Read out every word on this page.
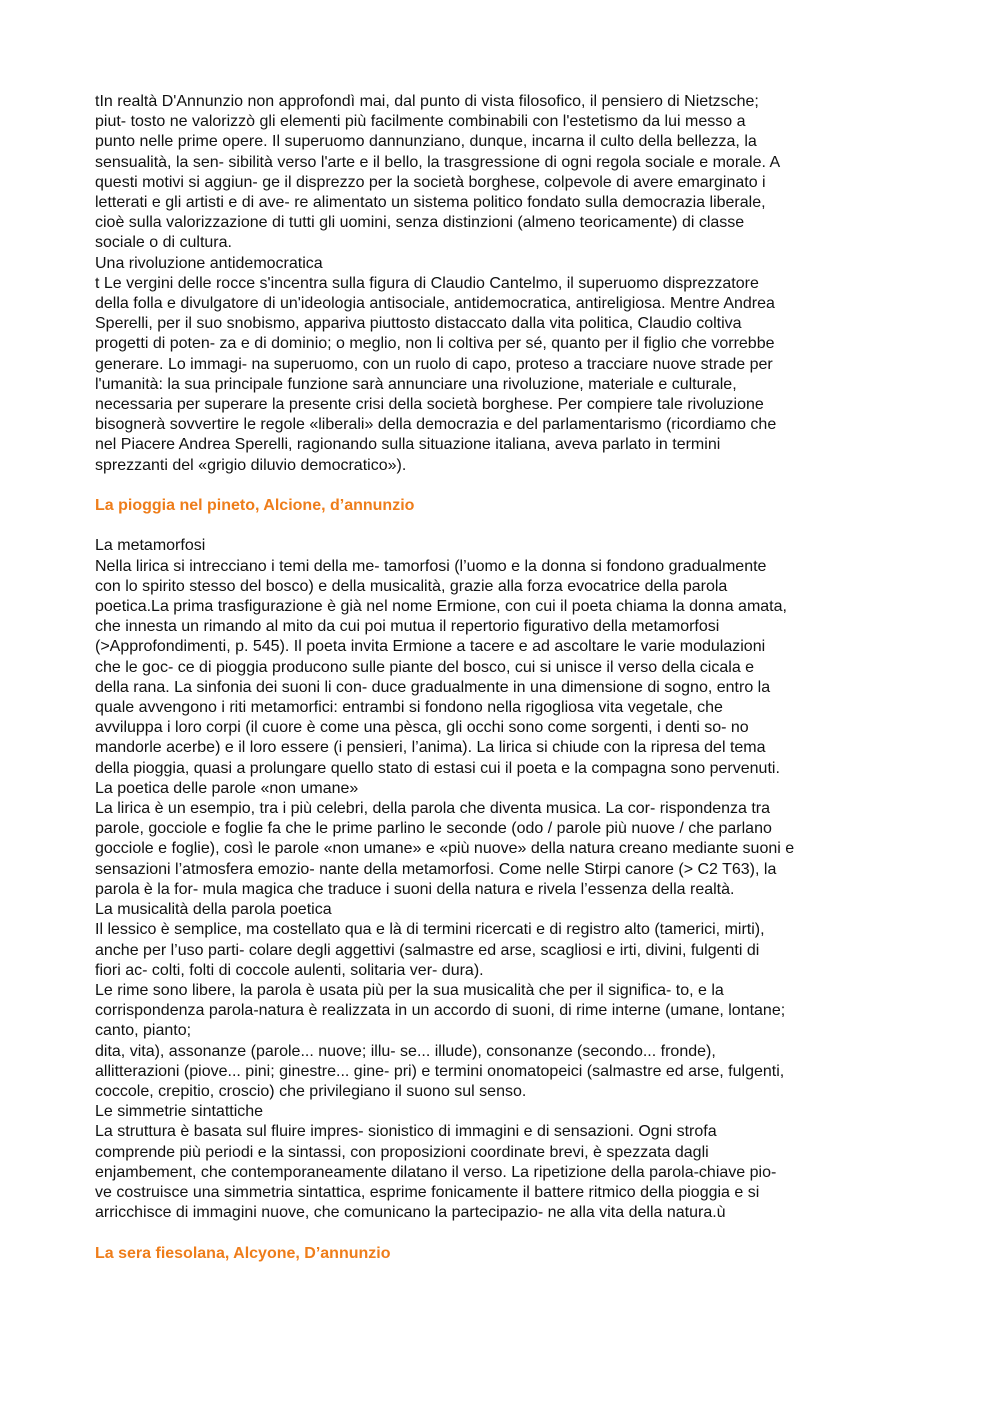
tIn realtà D'Annunzio non approfondì mai, dal punto di vista filosofico, il pensiero di Nietzsche;
piut- tosto ne valorizzò gli elementi più facilmente combinabili con l'estetismo da lui messo a
punto nelle prime opere. Il superuomo dannunziano, dunque, incarna il culto della bellezza, la
sensualità, la sen- sibilità verso l'arte e il bello, la trasgressione di ogni regola sociale e morale. A
questi motivi si aggiun- ge il disprezzo per la società borghese, colpevole di avere emarginato i
letterati e gli artisti e di ave- re alimentato un sistema politico fondato sulla democrazia liberale,
cioè sulla valorizzazione di tutti gli uomini, senza distinzioni (almeno teoricamente) di classe
sociale o di cultura.
Una rivoluzione antidemocratica
t Le vergini delle rocce s'incentra sulla figura di Claudio Cantelmo, il superuomo disprezzatore
della folla e divulgatore di un'ideologia antisociale, antidemocratica, antireligiosa. Mentre Andrea
Sperelli, per il suo snobismo, appariva piuttosto distaccato dalla vita politica, Claudio coltiva
progetti di poten- za e di dominio; o meglio, non li coltiva per sé, quanto per il figlio che vorrebbe
generare. Lo immagi- na superuomo, con un ruolo di capo, proteso a tracciare nuove strade per
l'umanità: la sua principale funzione sarà annunciare una rivoluzione, materiale e culturale,
necessaria per superare la presente crisi della società borghese. Per compiere tale rivoluzione
bisognerà sovvertire le regole «liberali» della democrazia e del parlamentarismo (ricordiamo che
nel Piacere Andrea Sperelli, ragionando sulla situazione italiana, aveva parlato in termini
sprezzanti del «grigio diluvio democratico»).
La pioggia nel pineto, Alcione, d’annunzio
La metamorfosi
Nella lirica si intrecciano i temi della me- tamorfosi (l’uomo e la donna si fondono gradualmente
con lo spirito stesso del bosco) e della musicalità, grazie alla forza evocatrice della parola
poetica.La prima trasfigurazione è già nel nome Ermione, con cui il poeta chiama la donna amata,
che innesta un rimando al mito da cui poi mutua il repertorio figurativo della metamorfosi
(>Approfondimenti, p. 545). Il poeta invita Ermione a tacere e ad ascoltare le varie modulazioni
che le goc- ce di pioggia producono sulle piante del bosco, cui si unisce il verso della cicala e
della rana. La sinfonia dei suoni li con- duce gradualmente in una dimensione di sogno, entro la
quale avvengono i riti metamorfici: entrambi si fondono nella rigogliosa vita vegetale, che
avviluppa i loro corpi (il cuore è come una pèsca, gli occhi sono come sorgenti, i denti so- no
mandorle acerbe) e il loro essere (i pensieri, l’anima). La lirica si chiude con la ripresa del tema
della pioggia, quasi a prolungare quello stato di estasi cui il poeta e la compagna sono pervenuti.
La poetica delle parole «non umane»
La lirica è un esempio, tra i più celebri, della parola che diventa musica. La cor- rispondenza tra
parole, gocciole e foglie fa che le prime parlino le seconde (odo / parole più nuove / che parlano
gocciole e foglie), così le parole «non umane» e «più nuove» della natura creano mediante suoni e
sensazioni l’atmosfera emozio- nante della metamorfosi. Come nelle Stirpi canore (> C2 T63), la
parola è la for- mula magica che traduce i suoni della natura e rivela l’essenza della realtà.
La musicalità della parola poetica
Il lessico è semplice, ma costellato qua e là di termini ricercati e di registro alto (tamerici, mirti),
anche per l’uso parti- colare degli aggettivi (salmastre ed arse, scagliosi e irti, divini, fulgenti di
fiori ac- colti, folti di coccole aulenti, solitaria ver- dura).
Le rime sono libere, la parola è usata più per la sua musicalità che per il significa- to, e la
corrispondenza parola-natura è realizzata in un accordo di suoni, di rime interne (umane, lontane;
canto, pianto;
dita, vita), assonanze (parole... nuove; illu- se... illude), consonanze (secondo... fronde),
allitterazioni (piove... pini; ginestre... gine- pri) e termini onomatopeici (salmastre ed arse, fulgenti,
coccole, crepitio, croscio) che privilegiano il suono sul senso.
Le simmetrie sintattiche
La struttura è basata sul fluire impres- sionistico di immagini e di sensazioni. Ogni strofa
comprende più periodi e la sintassi, con proposizioni coordinate brevi, è spezzata dagli
enjambement, che contemporaneamente dilatano il verso. La ripetizione della parola-chiave pio-
ve costruisce una simmetria sintattica, esprime fonicamente il battere ritmico della pioggia e si
arricchisce di immagini nuove, che comunicano la partecipazio- ne alla vita della natura.ù
La sera fiesolana, Alcyone, D’annunzio
